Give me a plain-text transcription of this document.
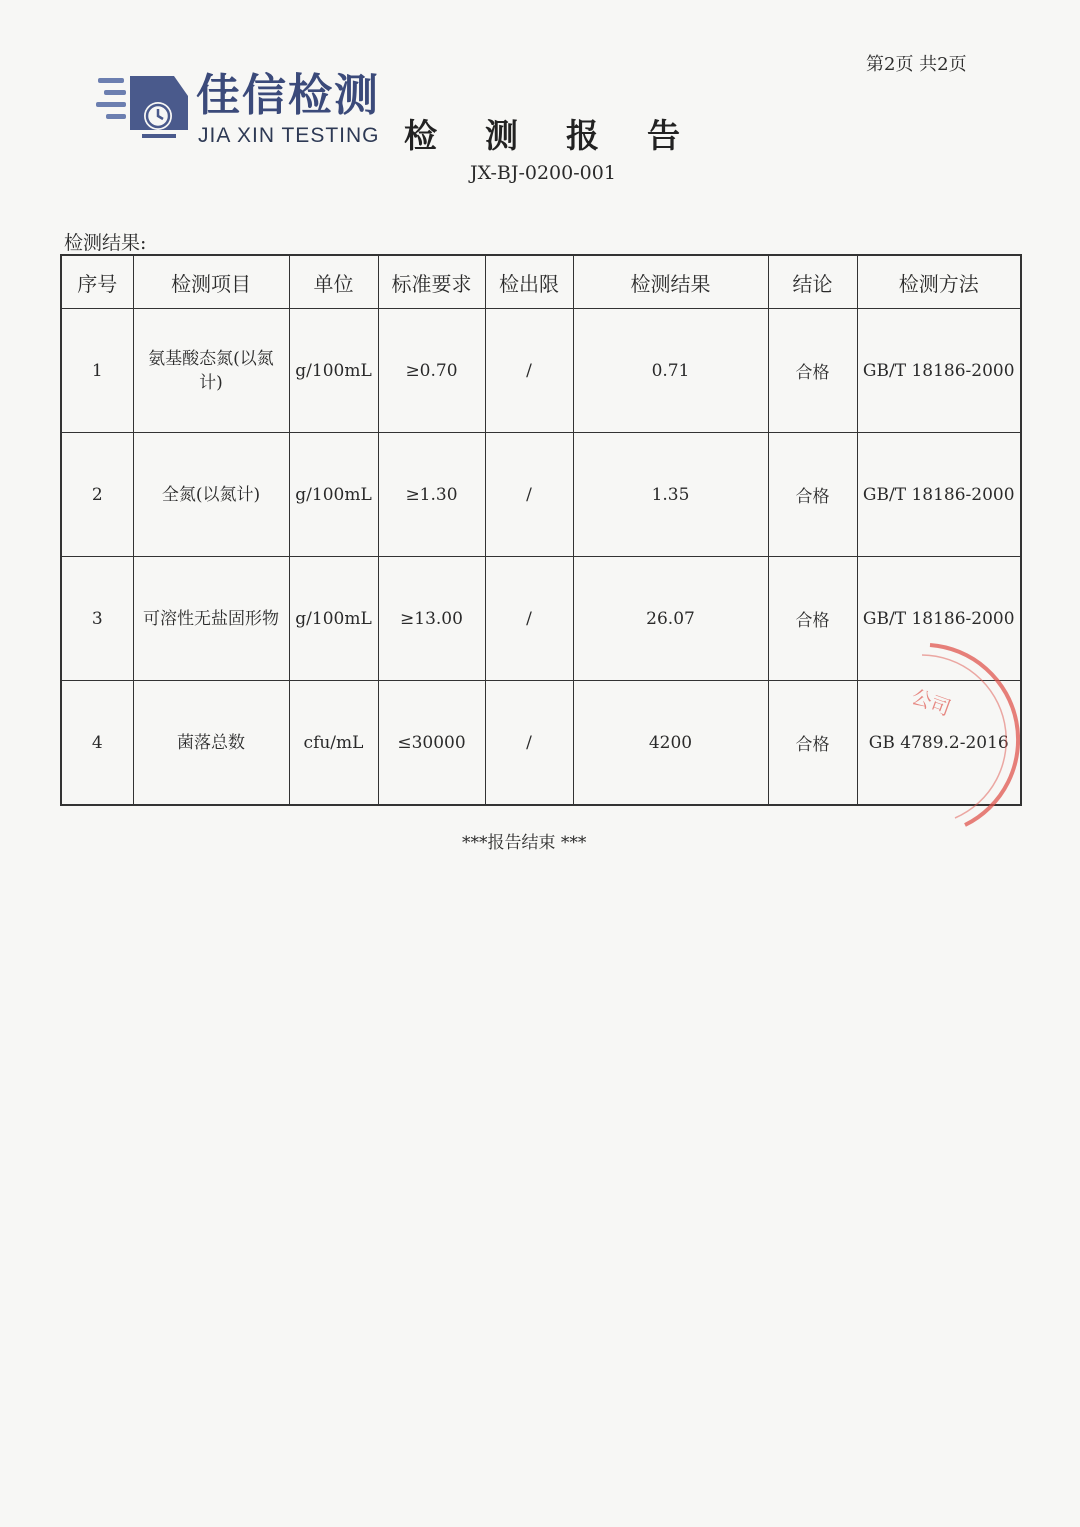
第2页 共2页
佳信检测
JIA XIN TESTING 检测报告
JX-BJ-0200-001
检测结果:
序号	检测项目	单位	标准要求	检出限	检测结果	结论	检测方法
1	氨基酸态氮(以氮计)	g/100mL	≥0.70	/	0.71	合格	GB/T 18186-2000
2	全氮(以氮计)	g/100mL	≥1.30	/	1.35	合格	GB/T 18186-2000
3	可溶性无盐固形物	g/100mL	≥13.00	/	26.07	合格	GB/T 18186-2000
4	菌落总数	cfu/mL	≤30000	/	4200	合格	GB 4789.2-2016
公司
***报告结束 ***
